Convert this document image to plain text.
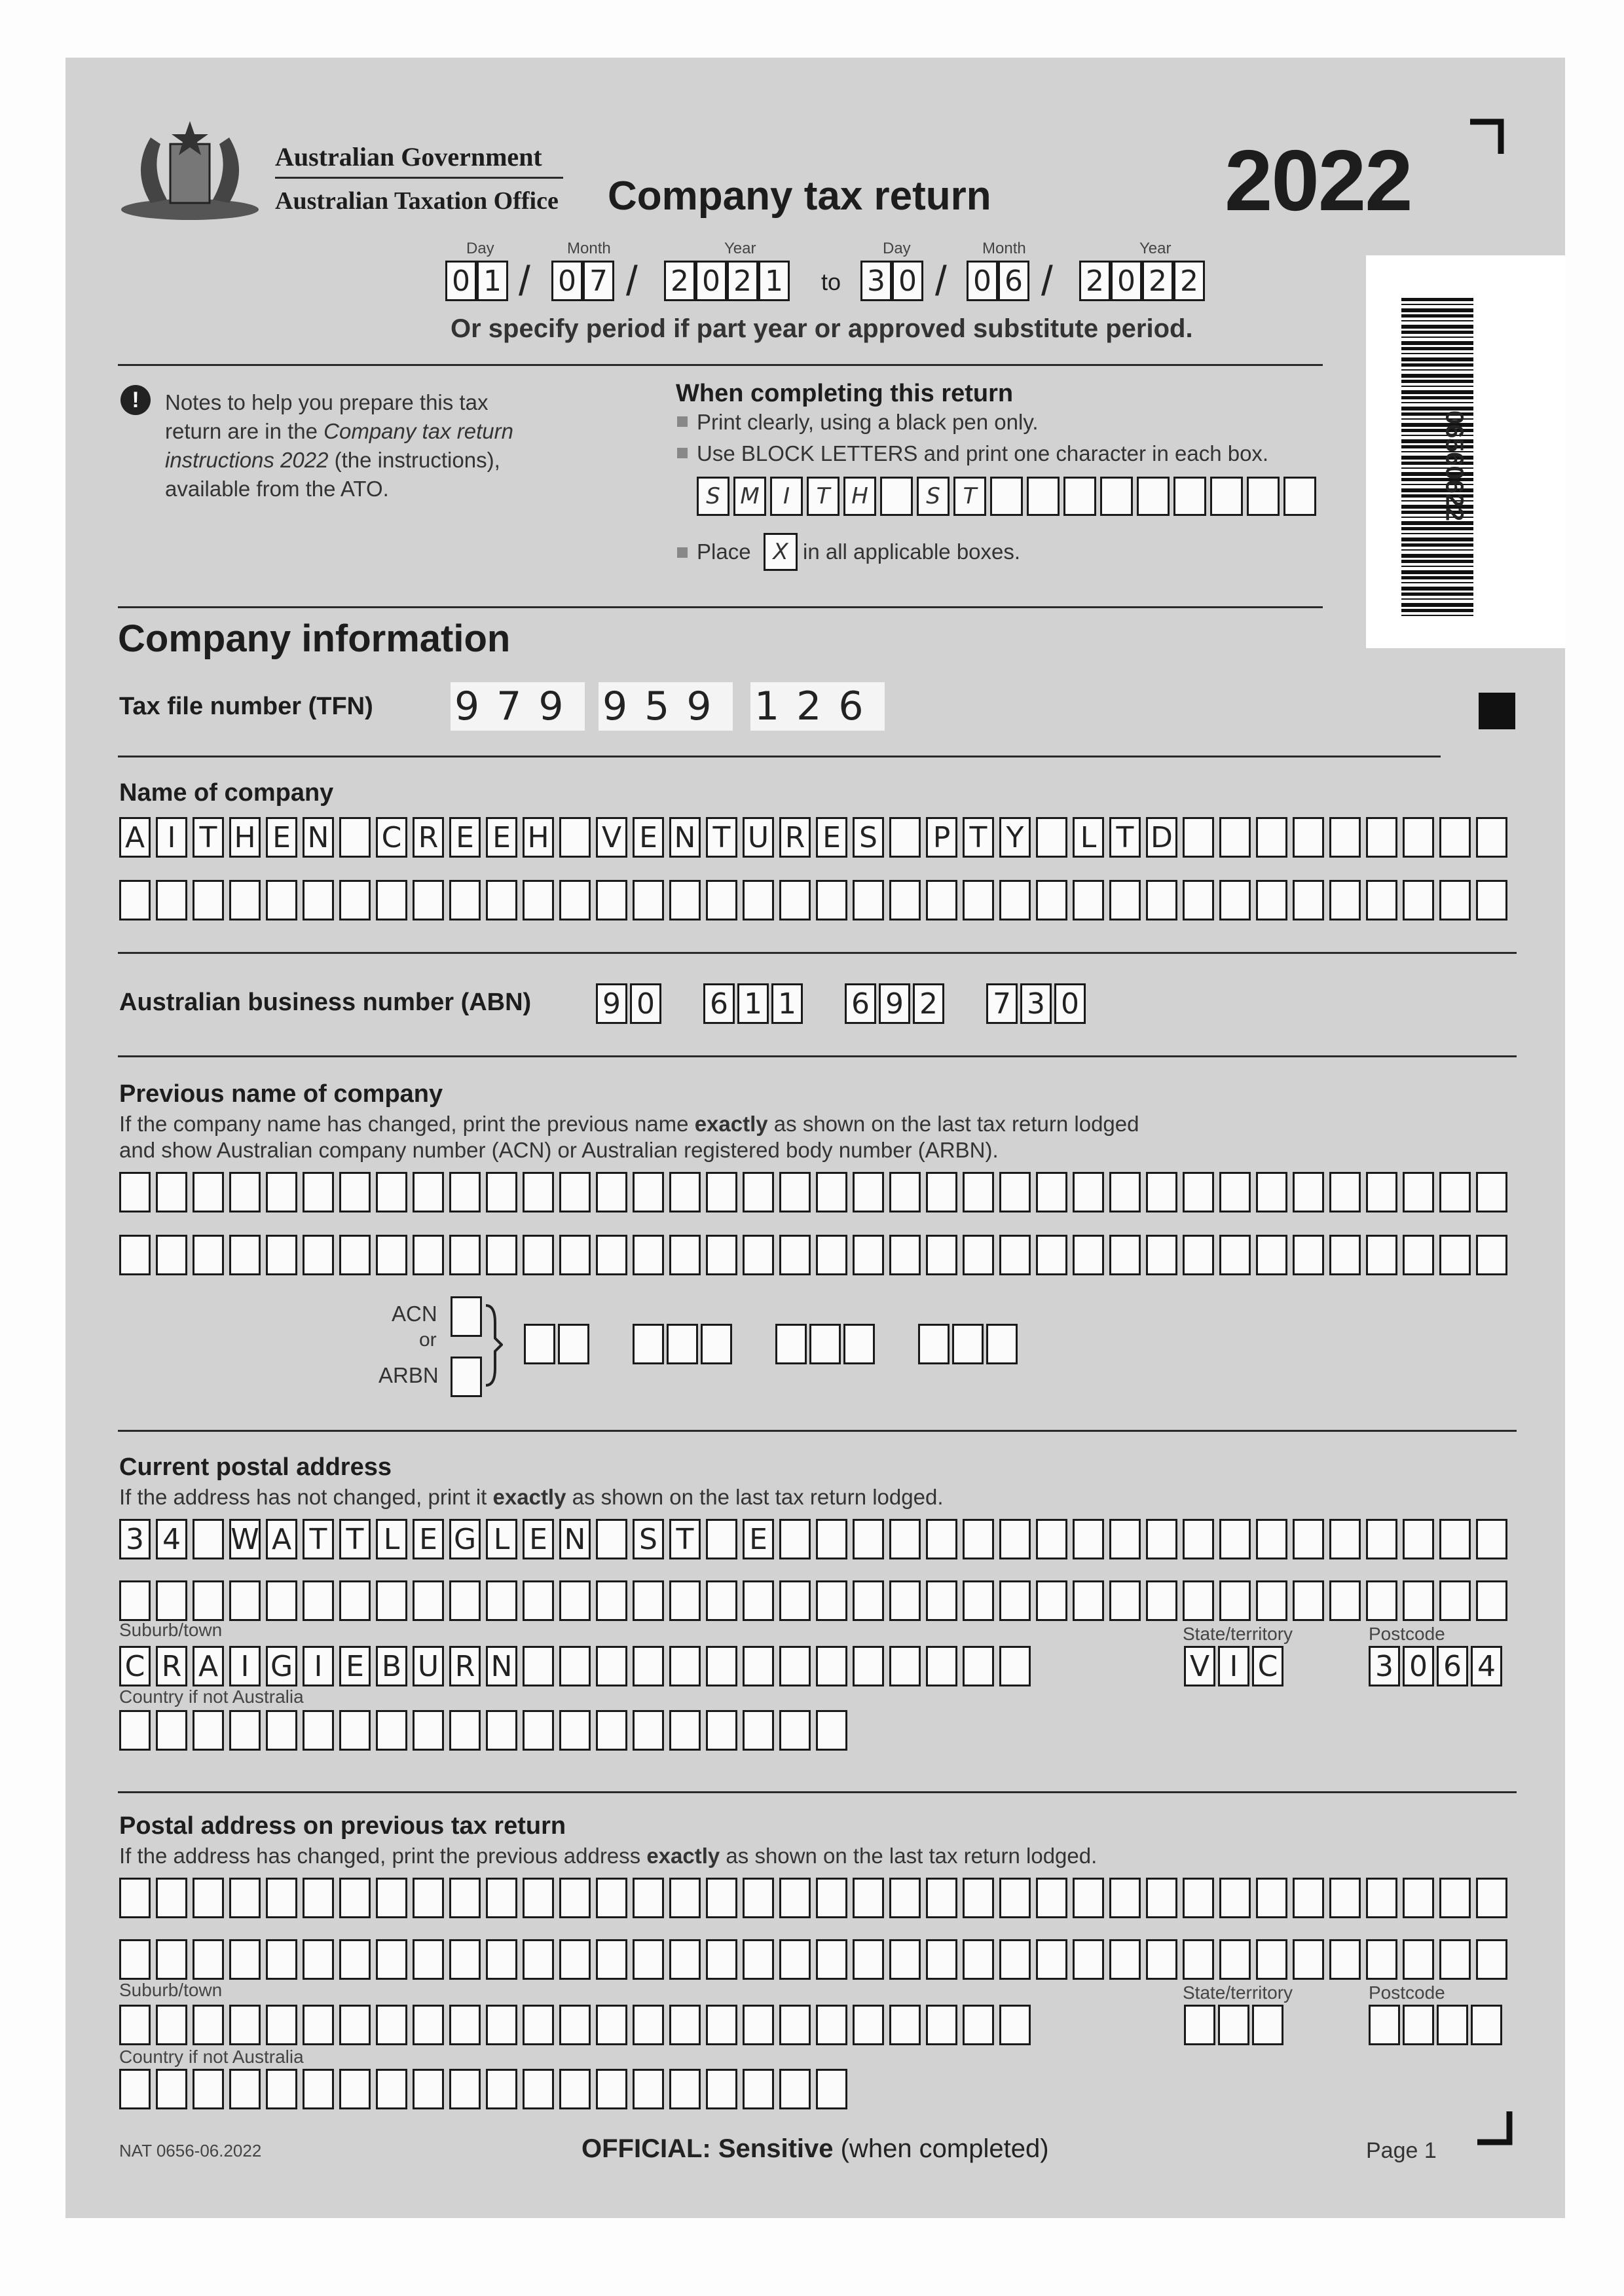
Australian Government
Australian Taxation Office Company tax return	2022
Day	Month	Year	Day	Month	Year
0 1 / 0 7 / 2 0 2 1 to 3 0 / 0 6 / 2 0 2 2
Or specify period if part year or approved substitute period.
06560622
!	Notes to help you prepare this tax
return are in the Company tax return
instructions 2022 (the instructions),
available from the ATO.
When completing this return
Print clearly, using a black pen only.
Use BLOCK LETTERS and print one character in each box.
S M	I	T H	S	T
Place X in all applicable boxes.
Company information
Tax file number (TFN) 979 959 126
Name of company
A I T H E N C R E E H V E N T U R E S P T Y L T D
Australian business number (ABN) 9 0 6 1 1 6 9 2 7 3 0
Previous name of company
If the company name has changed, print the previous name exactly as shown on the last tax return lodged
and show Australian company number (ACN) or Australian registered body number (ARBN).
ACN
or
ARBN
Current postal address
If the address has not changed, print it exactly as shown on the last tax return lodged.
3 4 W A T T L E G L E N S T E
Suburb/town	State/territory	Postcode
C R A I G I E B U R N	V I C	3 0 6 4
Country if not Australia
Postal address on previous tax return
If the address has changed, print the previous address exactly as shown on the last tax return lodged.
Suburb/town	State/territory	Postcode
Country if not Australia
NAT 0656-06.2022	OFFICIAL: Sensitive (when completed)	Page 1
